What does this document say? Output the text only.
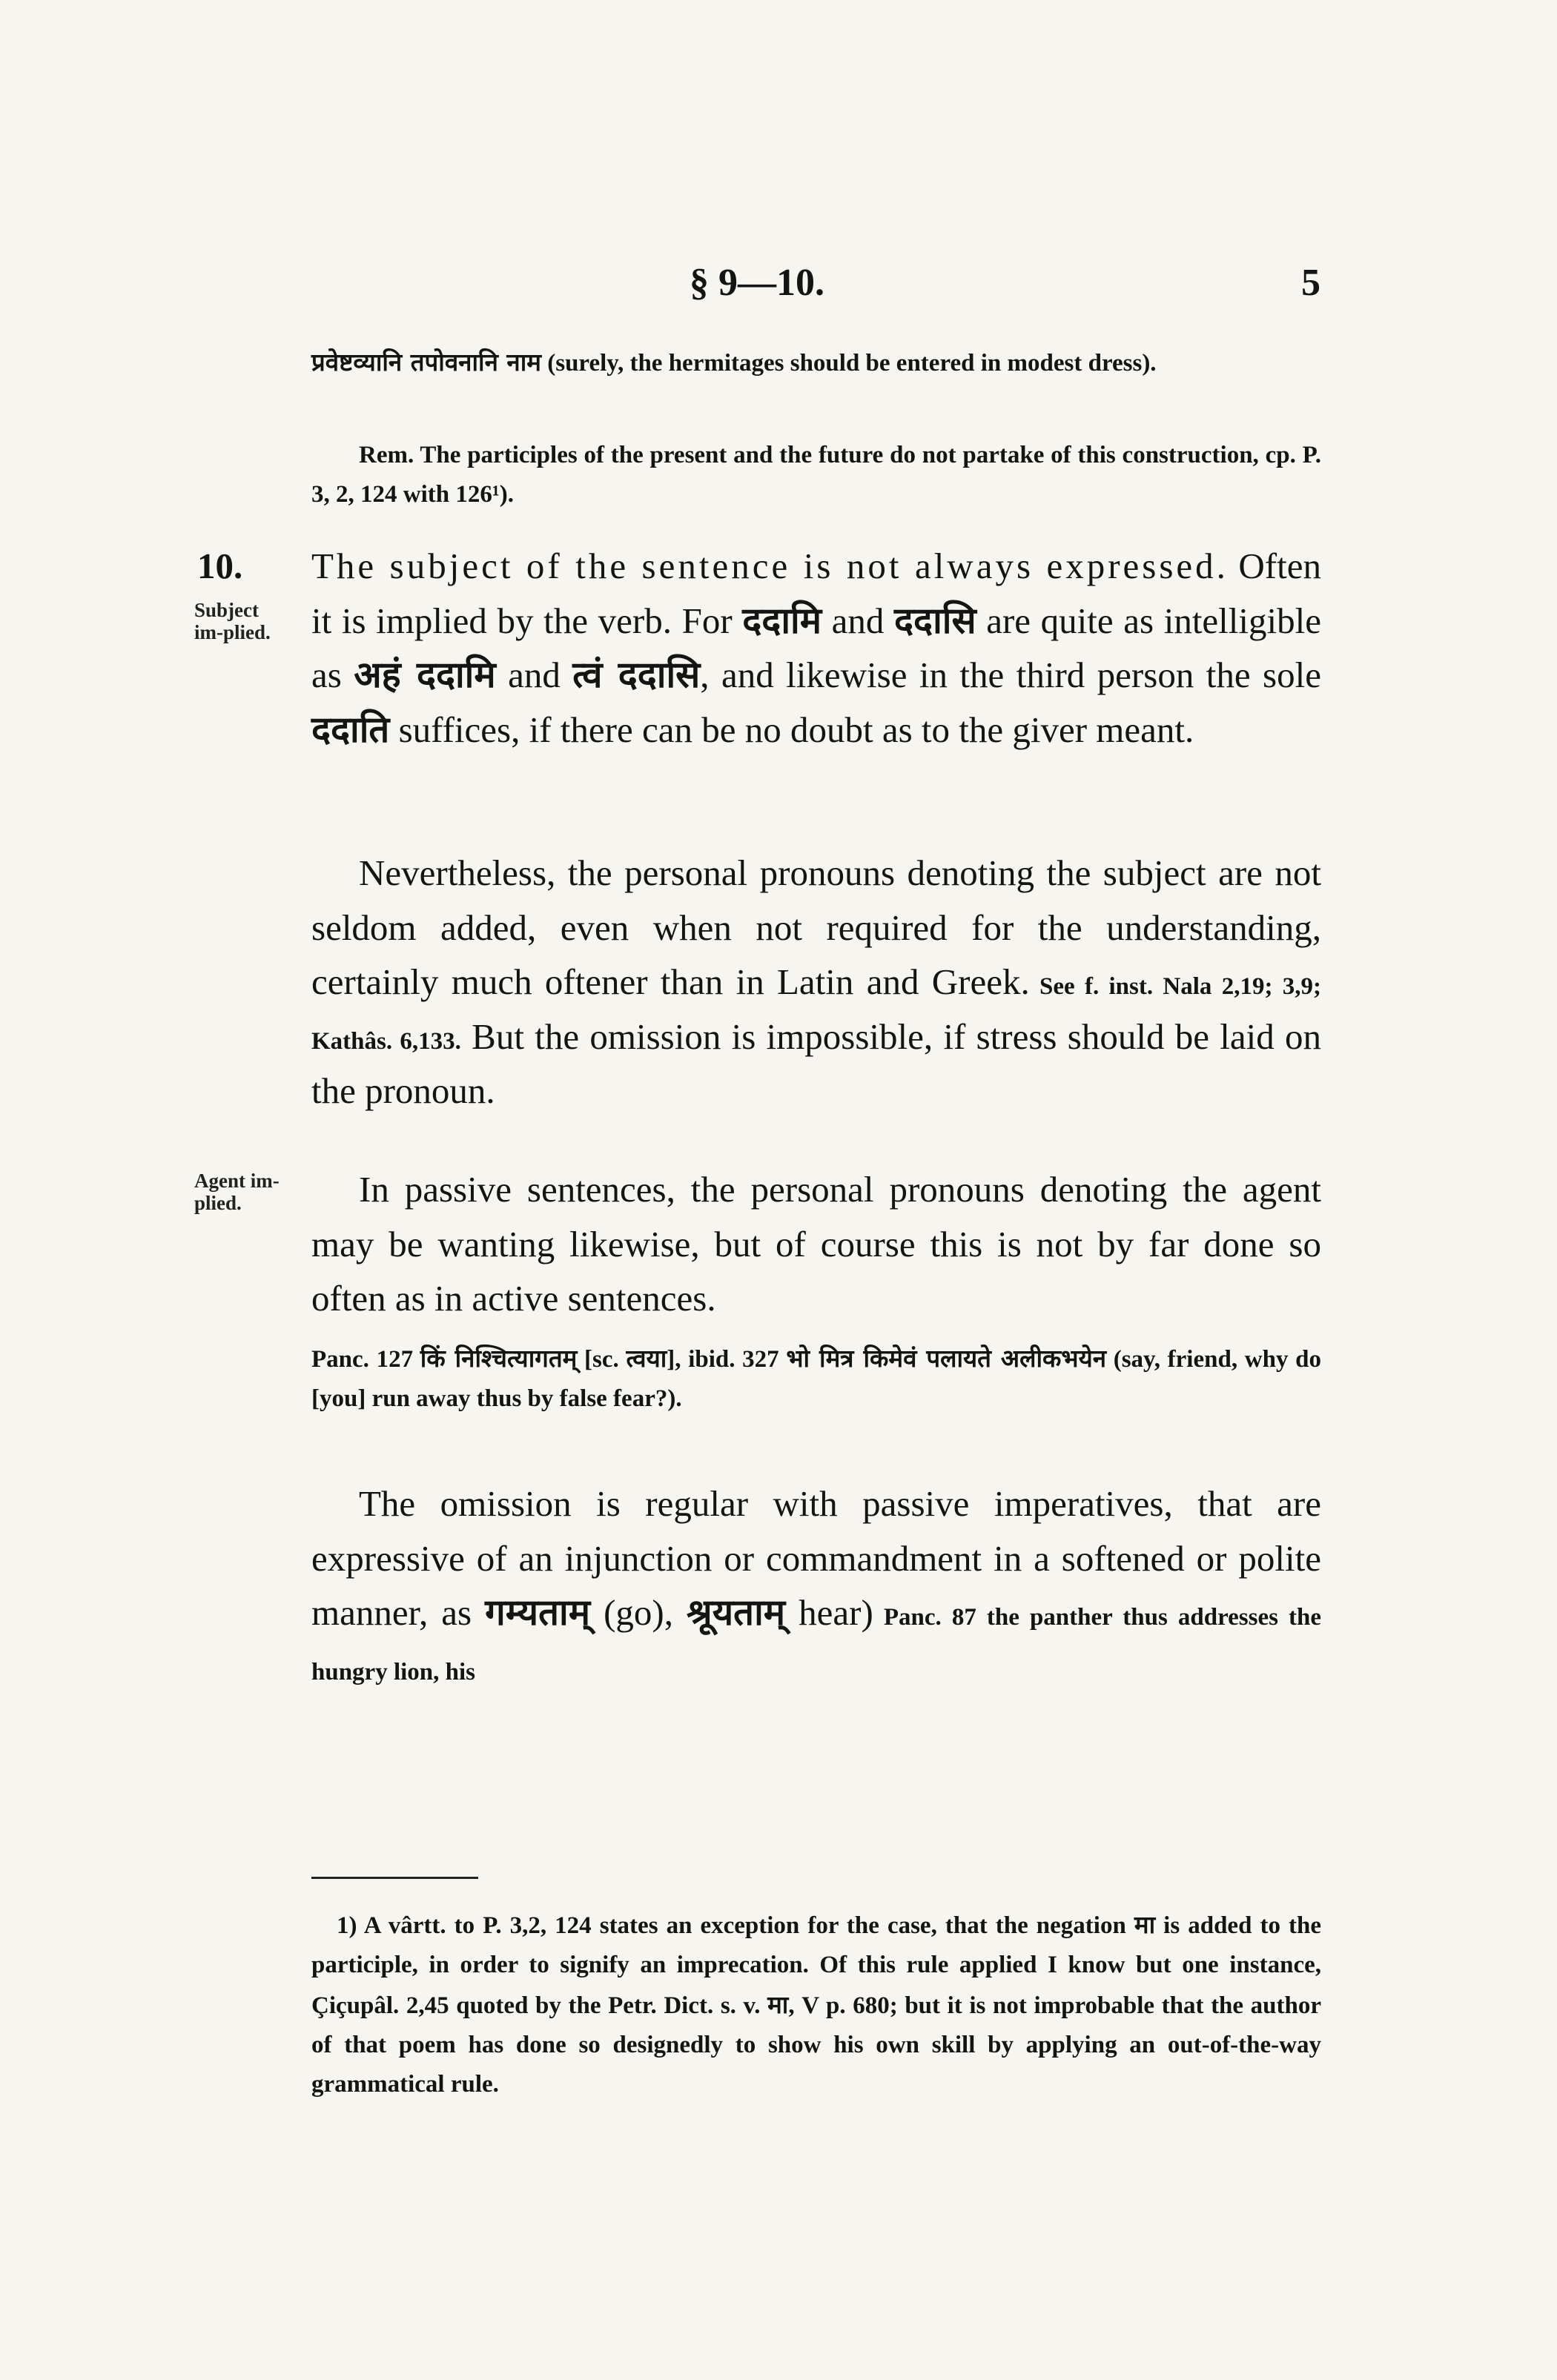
§ 9—10.	5
प्रवेष्टव्यानि तपोवनानि नाम (surely, the hermitages should be entered in modest dress).
Rem. The participles of the present and the future do not partake of this construction, cp. P. 3, 2, 124 with 126¹).
10.
Subject im-plied.
The subject of the sentence is not always expressed. Often it is implied by the verb. For ददामि and ददासि are quite as intelligible as अहं ददामि and त्वं ददासि, and likewise in the third person the sole ददाति suffices, if there can be no doubt as to the giver meant.
Nevertheless, the personal pronouns denoting the subject are not seldom added, even when not required for the understanding, certainly much oftener than in Latin and Greek. See f. inst. Nala 2,19; 3,9; Kathâs. 6,133. But the omission is impossible, if stress should be laid on the pronoun.
Agent im-plied.	In passive sentences, the personal pronouns denoting the agent may be wanting likewise, but of course this is not by far done so often as in active sentences.
Panc. 127 किं निश्चित्यागतम् [sc. त्वया], ibid. 327 भो मित्र किमेवं पलायते अलीकभयेन (say, friend, why do [you] run away thus by false fear?).
The omission is regular with passive imperatives, that are expressive of an injunction or commandment in a softened or polite manner, as गम्यताम् (go), श्रूयताम् hear) Panc. 87 the panther thus addresses the hungry lion, his

1) A vârtt. to P. 3,2, 124 states an exception for the case, that the negation मा is added to the participle, in order to signify an imprecation. Of this rule applied I know but one instance, Çiçupâl. 2,45 quoted by the Petr. Dict. s. v. मा, V p. 680; but it is not improbable that the author of that poem has done so designedly to show his own skill by applying an out-of-the-way grammatical rule.
